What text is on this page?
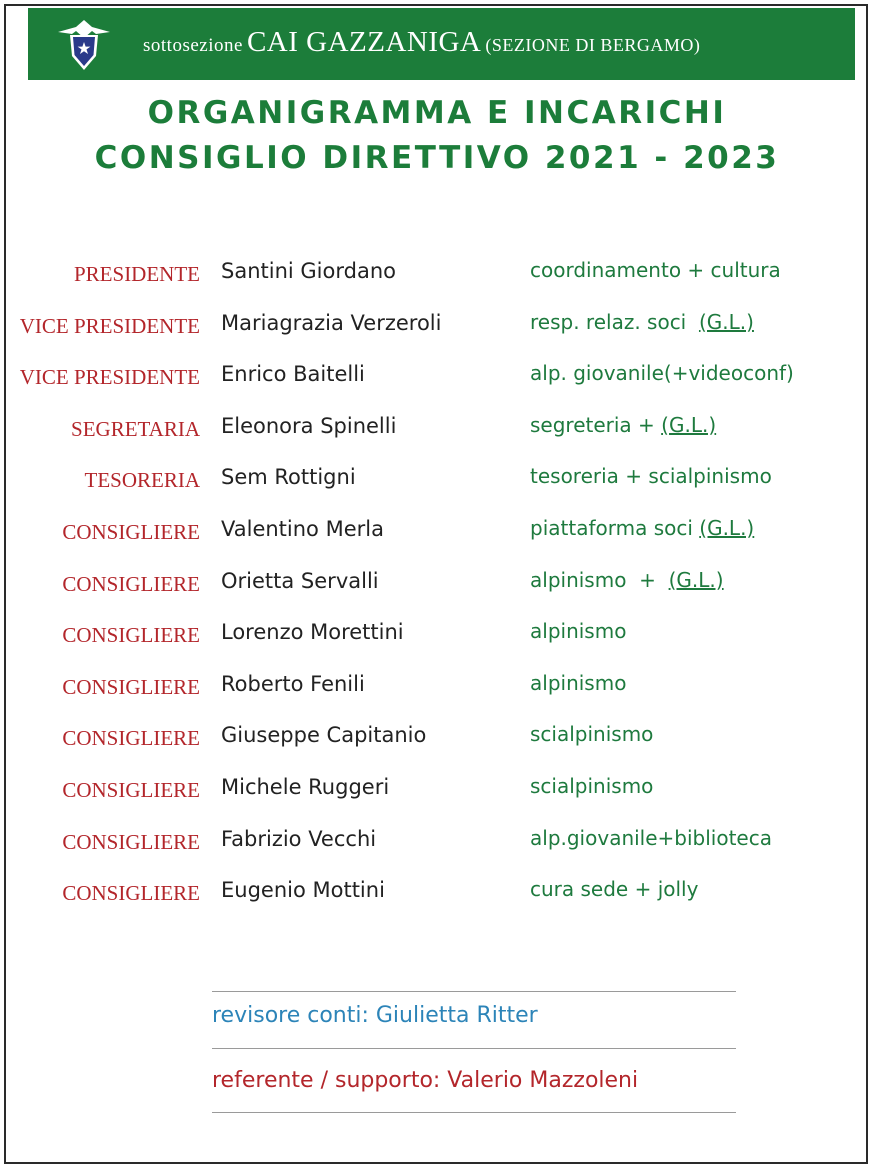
sottosezione CAI GAZZANIGA (SEZIONE DI BERGAMO)
ORGANIGRAMMA E INCARICHI
CONSIGLIO DIRETTIVO 2021 - 2023
PRESIDENTE Santini Giordano	coordinamento + cultura
VICE PRESIDENTE Mariagrazia Verzeroli	resp. relaz. soci  (G.L.)
VICE PRESIDENTE Enrico Baitelli	alp. giovanile(+videoconf)
SEGRETARIA Eleonora Spinelli	segreteria + (G.L.)
TESORERIA Sem Rottigni	tesoreria + scialpinismo
CONSIGLIERE Valentino Merla	piattaforma soci (G.L.)
CONSIGLIERE Orietta Servalli	alpinismo  +  (G.L.)
CONSIGLIERE Lorenzo Morettini	alpinismo
CONSIGLIERE Roberto Fenili	alpinismo
CONSIGLIERE Giuseppe Capitanio	scialpinismo
CONSIGLIERE Michele Ruggeri	scialpinismo
CONSIGLIERE Fabrizio Vecchi	alp.giovanile+biblioteca
CONSIGLIERE Eugenio Mottini	cura sede + jolly
revisore conti: Giulietta Ritter
referente / supporto: Valerio Mazzoleni
